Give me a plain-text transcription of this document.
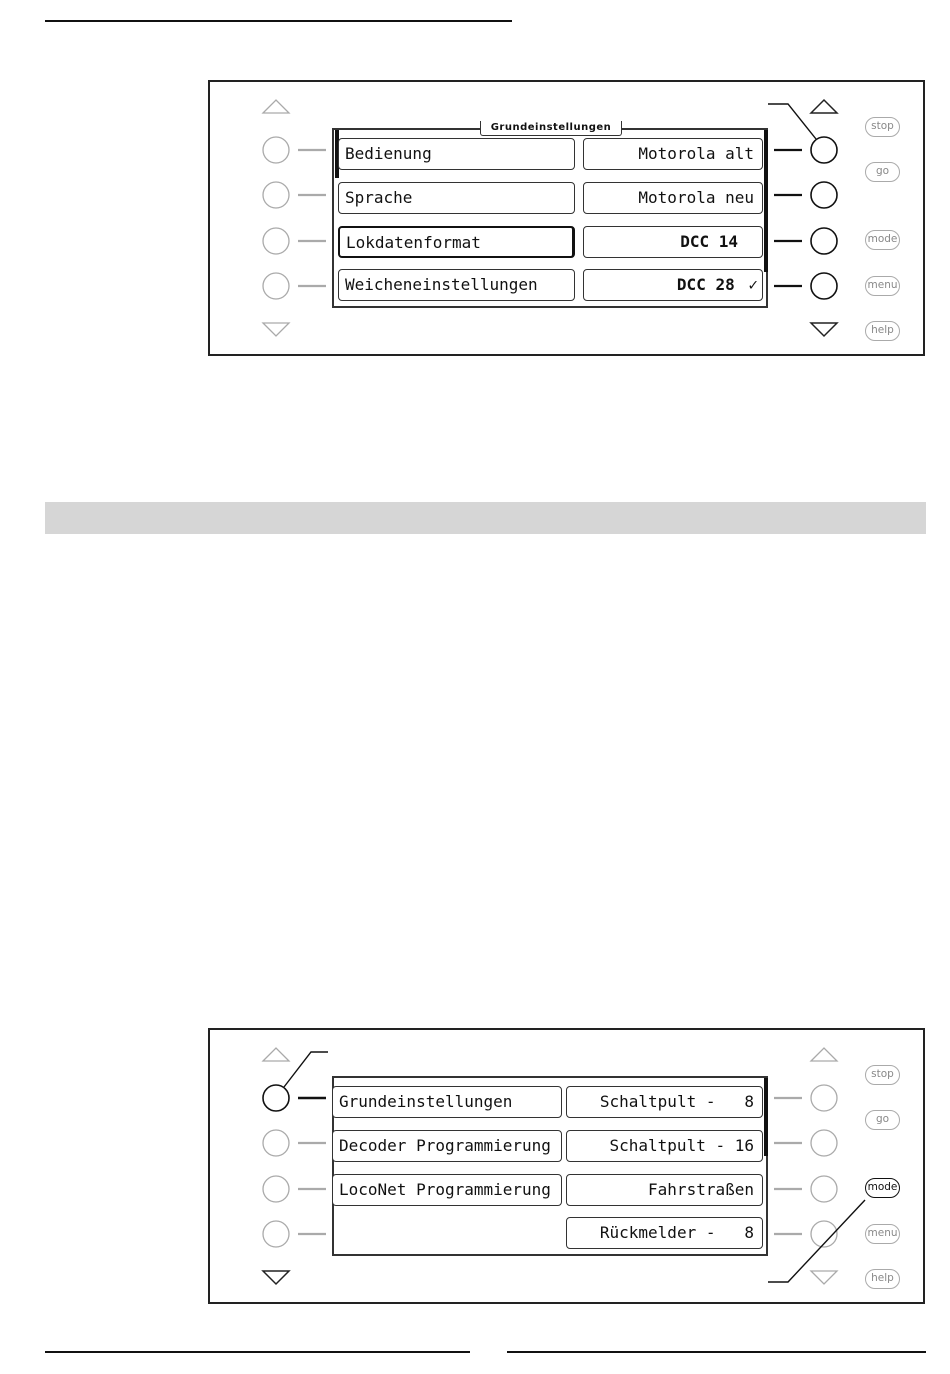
Grundeinstellungen
Bedienung
Sprache
Lokdatenformat
Weicheneinstellungen
Motorola alt
Motorola neu
DCC 14
DCC 28 ✓
stop
go
mode
menu
help
Grundeinstellungen
Decoder Programmierung
LocoNet Programmierung
Schaltpult -   8
Schaltpult - 16
Fahrstraßen
Rückmelder -   8
stop
go
mode
menu
help
